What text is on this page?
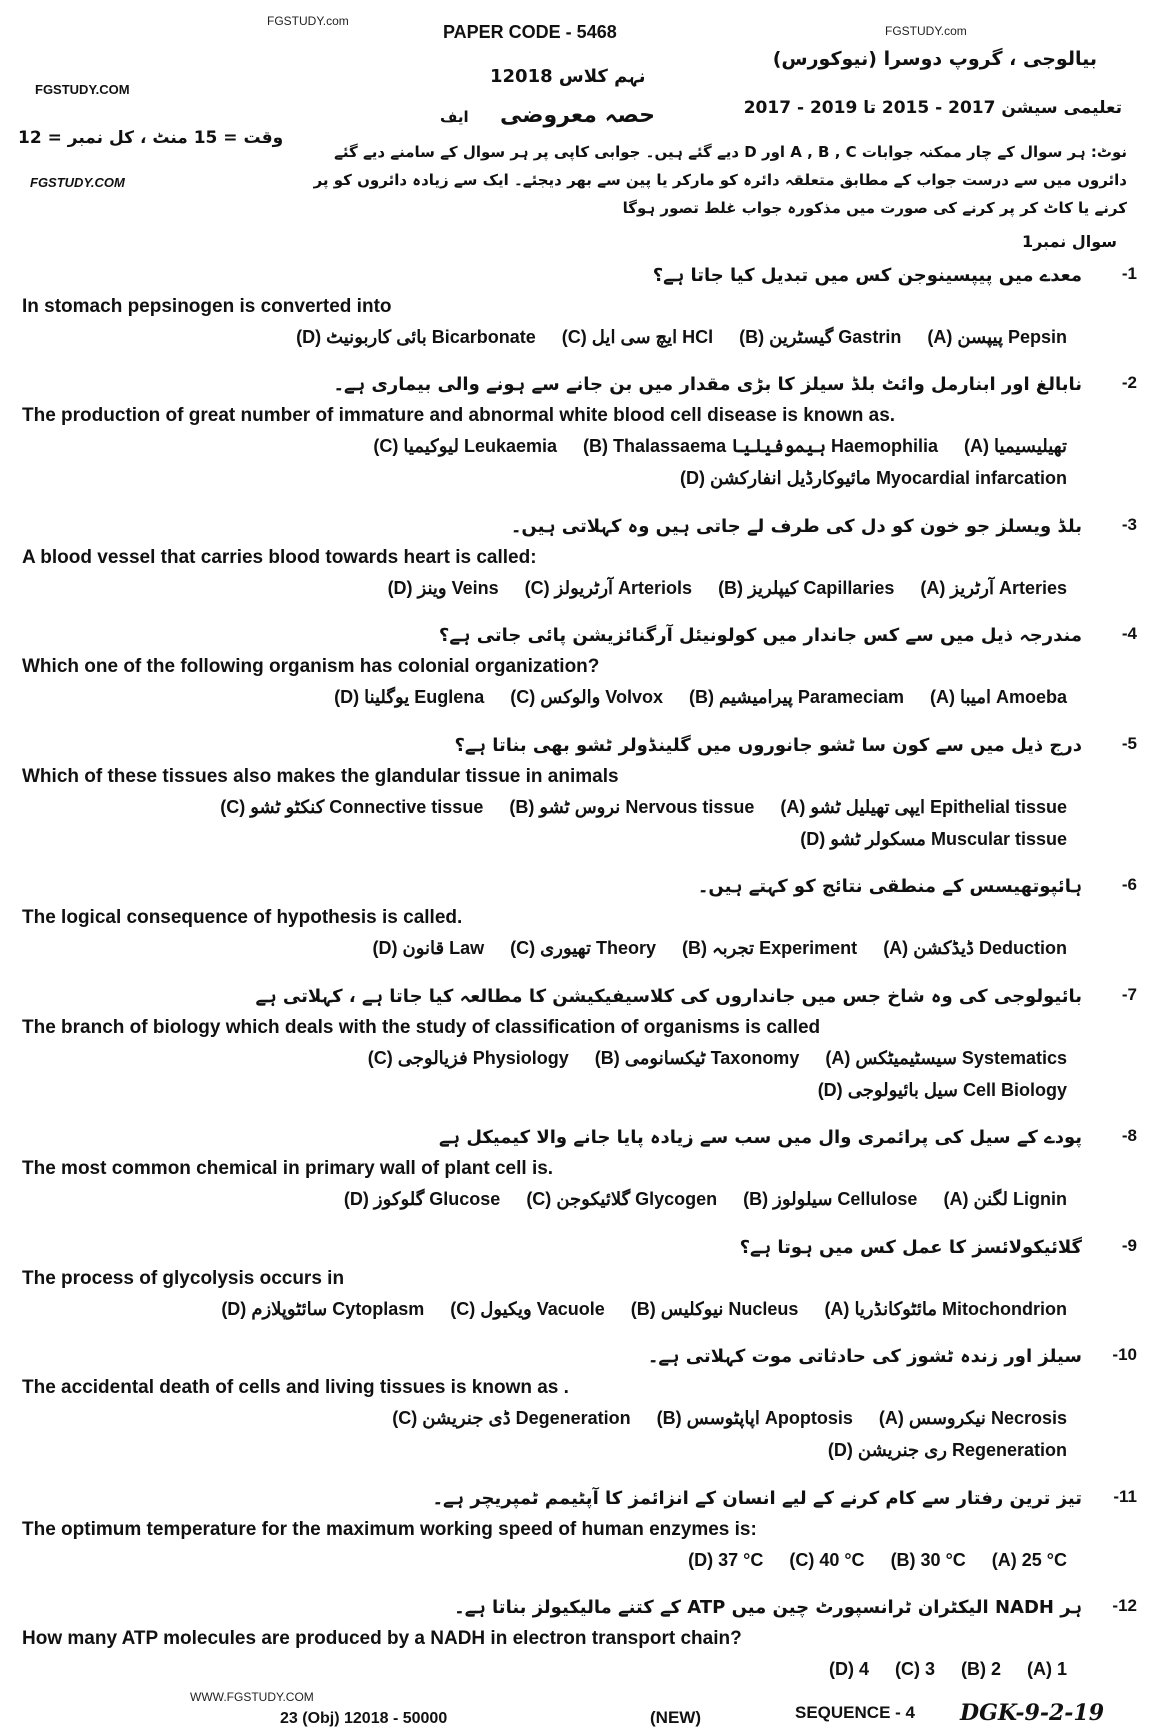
FGSTUDY.com
FGSTUDY.com
PAPER CODE - 5468
بیالوجی ، گروپ دوسرا (نیوکورس)
نہم کلاس 12018
FGSTUDY.COM
تعلیمی سیشن 2017 - 2015 تا 2019 - 2017
ایف حصہ معروضی
وقت = 15 منٹ ، کل نمبر = 12
نوٹ: ہر سوال کے چار ممکنہ جوابات A , B , C اور D دیے گئے ہیں۔ جوابی کاپی پر ہر سوال کے سامنے دیے گئے دائروں میں سے درست جواب کے مطابق متعلقہ دائرہ کو مارکر یا پین سے بھر دیجئے۔ ایک سے زیادہ دائروں کو پر کرنے یا کاٹ کر پر کرنے کی صورت میں مذکورہ جواب غلط تصور ہوگا
FGSTUDY.COM
سوال نمبر1
-1
معدے میں پیپسینوجن کس میں تبدیل کیا جاتا ہے؟
In stomach pepsinogen is converted into
(A) پیپسن Pepsin
(B) گیسٹرین Gastrin
(C) ایچ سی ایل HCl
(D) بائی کاربونیٹ Bicarbonate
-2
نابالغ اور ابنارمل وائٹ بلڈ سیلز کا بڑی مقدار میں بن جانے سے ہونے والی بیماری ہے۔
The production of great number of immature and abnormal white blood cell disease is known as.
(A) تھیلیسیمیا
(B) Thalassaema ہیموفیلیا Haemophilia
(C) لیوکیمیا Leukaemia
(D) مائیوکارڈیل انفارکشن Myocardial infarcation
-3
بلڈ ویسلز جو خون کو دل کی طرف لے جاتی ہیں وہ کہلاتی ہیں۔
A blood vessel that carries blood towards heart is called:
(A) آرٹریز Arteries
(B) کیپلریز Capillaries
(C) آرٹریولز Arteriols
(D) وینز Veins
-4
مندرجہ ذیل میں سے کس جاندار میں کولونیئل آرگنائزیشن پائی جاتی ہے؟
Which one of the following organism has colonial organization?
(A) امیبا Amoeba
(B) پیرامیشیم Parameciam
(C) والوکس Volvox
(D) یوگلینا Euglena
-5
درج ذیل میں سے کون سا ٹشو جانوروں میں گلینڈولر ٹشو بھی بناتا ہے؟
Which of these tissues also makes the glandular tissue in animals
(A) ایپی تھیلیل ٹشو Epithelial tissue
(B) نروس ٹشو Nervous tissue
(C) کنکٹو ٹشو Connective tissue
(D) مسکولر ٹشو Muscular tissue
-6
ہائپوتھیسس کے منطقی نتائج کو کہتے ہیں۔
The logical consequence of hypothesis is called.
(A) ڈیڈکشن Deduction
(B) تجربہ Experiment
(C) تھیوری Theory
(D) قانون Law
-7
بائیولوجی کی وہ شاخ جس میں جانداروں کی کلاسیفیکیشن کا مطالعہ کیا جاتا ہے ، کہلاتی ہے
The branch of biology which deals with the study of classification of organisms is called
(A) سیسٹیمیٹکس Systematics
(B) ٹیکسانومی Taxonomy
(C) فزیالوجی Physiology
(D) سیل بائیولوجی Cell Biology
-8
پودے کے سیل کی پرائمری وال میں سب سے زیادہ پایا جانے والا کیمیکل ہے
The most common chemical in primary wall of plant cell is.
(A) لگنن Lignin
(B) سیلولوز Cellulose
(C) گلائیکوجن Glycogen
(D) گلوکوز Glucose
-9
گلائیکولائسز کا عمل کس میں ہوتا ہے؟
The process of glycolysis occurs in
(A) مائٹوکانڈریا Mitochondrion
(B) نیوکلیس Nucleus
(C) ویکیول Vacuole
(D) سائٹوپلازم Cytoplasm
-10
سیلز اور زندہ ٹشوز کی حادثاتی موت کہلاتی ہے۔
The accidental death of cells and living tissues is known as .
(A) نیکروسس Necrosis
(B) اپاپٹوسس Apoptosis
(C) ڈی جنریشن Degeneration
(D) ری جنریشن Regeneration
-11
تیز ترین رفتار سے کام کرنے کے لیے انسان کے انزائمز کا آپٹیمم ٹمپریچر ہے۔
The optimum temperature for the maximum working speed of human enzymes is:
(A) 25 °C
(B) 30 °C
(C) 40 °C
(D) 37 °C
-12
ہر NADH الیکٹران ٹرانسپورٹ چین میں ATP کے کتنے مالیکیولز بناتا ہے۔
How many ATP molecules are produced by a NADH in electron transport chain?
(A) 1
(B) 2
(C) 3
(D) 4
WWW.FGSTUDY.COM
23 (Obj) 12018 - 50000	(NEW)	SEQUENCE - 4 DGK-9-2-19
